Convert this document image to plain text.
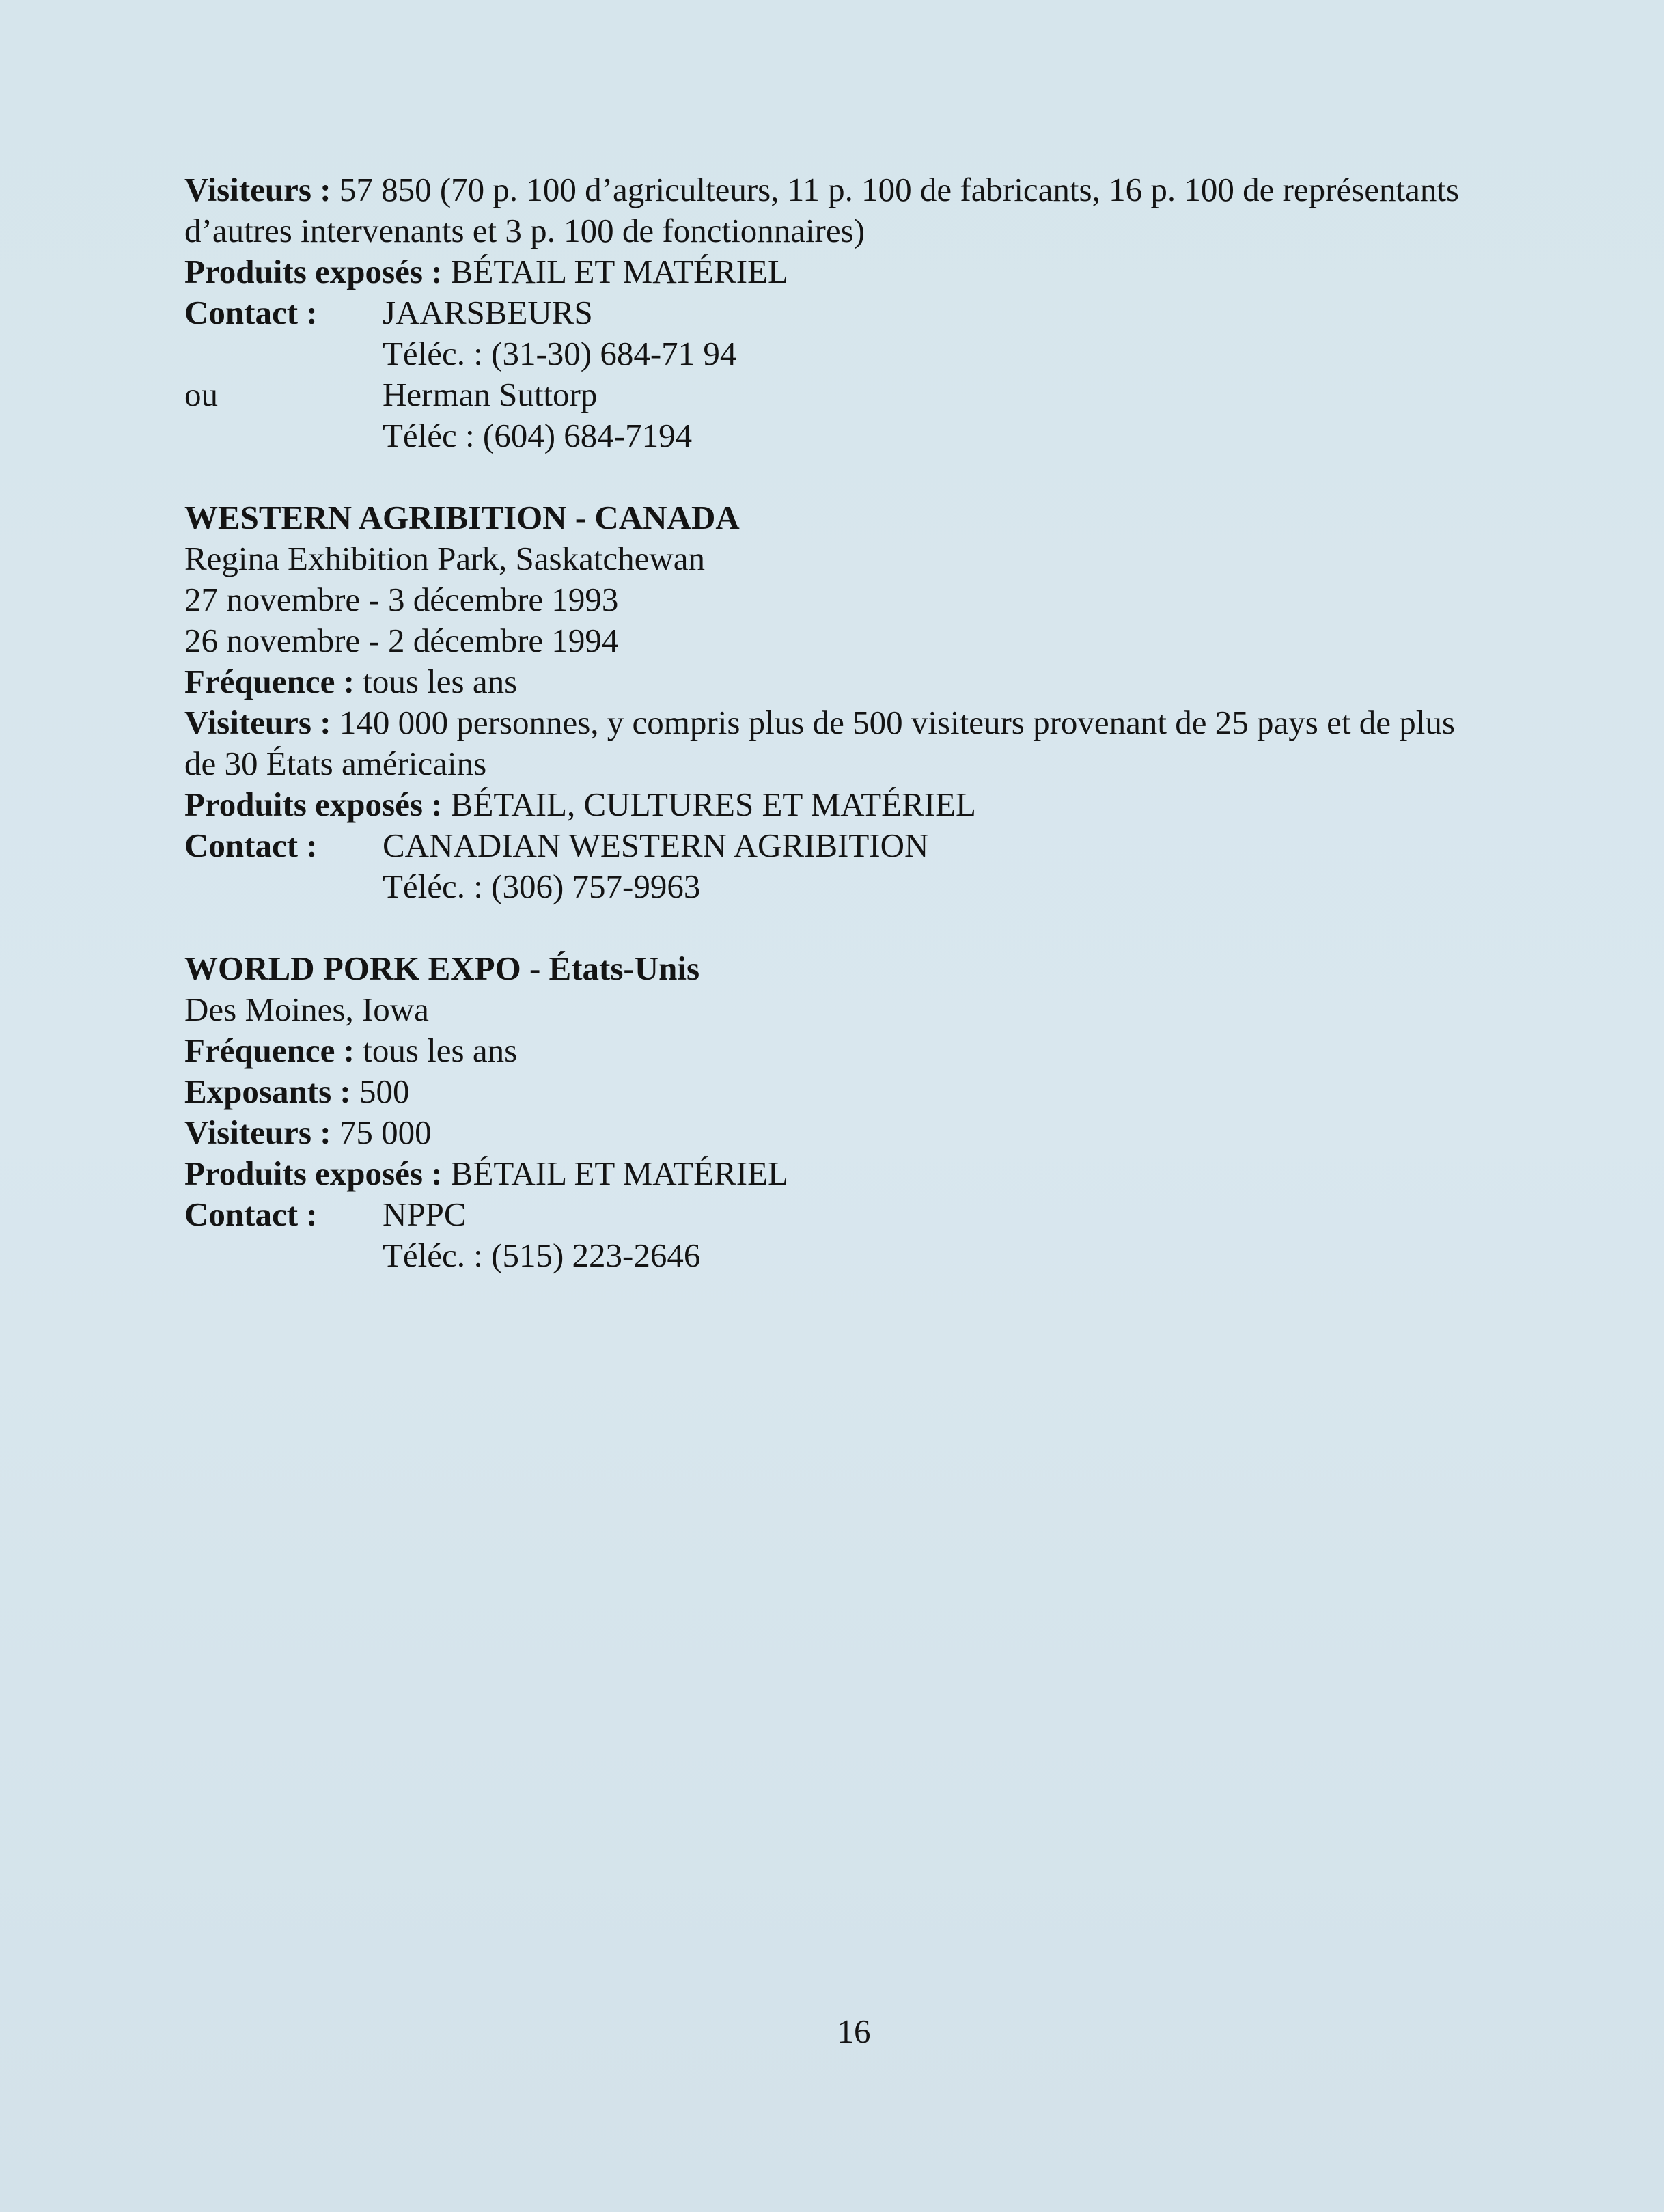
Visiteurs : 57 850 (70 p. 100 d’agriculteurs, 11 p. 100 de fabricants, 16 p. 100 de représentants
d’autres intervenants et 3 p. 100 de fonctionnaires)
Produits exposés : BÉTAIL ET MATÉRIEL
Contact :	JAARSBEURS
Téléc. : (31-30) 684-71 94
ou	Herman Suttorp
Téléc : (604) 684-7194
WESTERN AGRIBITION - CANADA
Regina Exhibition Park, Saskatchewan
27 novembre - 3 décembre 1993
26 novembre - 2 décembre 1994
Fréquence : tous les ans
Visiteurs : 140 000 personnes, y compris plus de 500 visiteurs provenant de 25 pays et de plus
de 30 États américains
Produits exposés : BÉTAIL, CULTURES ET MATÉRIEL
Contact :	CANADIAN WESTERN AGRIBITION
Téléc. : (306) 757-9963
WORLD PORK EXPO - États-Unis
Des Moines, Iowa
Fréquence : tous les ans
Exposants : 500
Visiteurs : 75 000
Produits exposés : BÉTAIL ET MATÉRIEL
Contact :	NPPC
Téléc. : (515) 223-2646
16
